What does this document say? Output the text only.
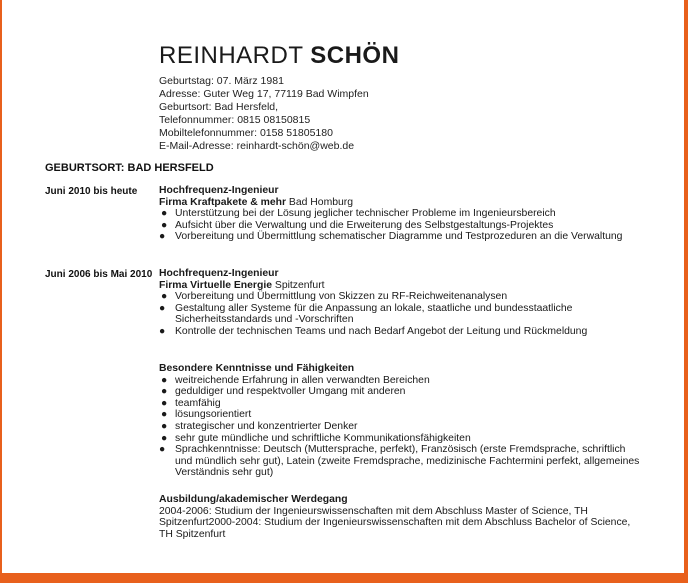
REINHARDT SCHÖN
Geburtstag: 07. März 1981
Adresse: Guter Weg 17, 77119 Bad Wimpfen
Geburtsort: Bad Hersfeld,
Telefonnummer: 0815 08150815
Mobiltelefonnummer: 0158 51805180
E-Mail-Adresse: reinhardt-schön@web.de
GEBURTSORT: BAD HERSFELD
Juni 2010 bis heute	Hochfrequenz-Ingenieur
Firma Kraftpakete & mehr Bad Homburg
● Unterstützung bei der Lösung jeglicher technischer Probleme im Ingenieursbereich
● Aufsicht über die Verwaltung und die Erweiterung des Selbstgestaltungs-Projektes
● Vorbereitung und Übermittlung schematischer Diagramme und Testprozeduren an die Verwaltung
Juni 2006 bis Mai 2010 Hochfrequenz-Ingenieur
Firma Virtuelle Energie Spitzenfurt
● Vorbereitung und Übermittlung von Skizzen zu RF-Reichweitenanalysen
● Gestaltung aller Systeme für die Anpassung an lokale, staatliche und bundesstaatliche Sicherheitsstandards und -Vorschriften
● Kontrolle der technischen Teams und nach Bedarf Angebot der Leitung und Rückmeldung
Besondere Kenntnisse und Fähigkeiten
● weitreichende Erfahrung in allen verwandten Bereichen
● geduldiger und respektvoller Umgang mit anderen
● teamfähig
● lösungsorientiert
● strategischer und konzentrierter Denker
● sehr gute mündliche und schriftliche Kommunikationsfähigkeiten
● Sprachkenntnisse: Deutsch (Muttersprache, perfekt), Französisch (erste Fremdsprache, schriftlich und mündlich sehr gut), Latein (zweite Fremdsprache, medizinische Fachtermini perfekt, allgemeines Verständnis sehr gut)
Ausbildung/akademischer Werdegang
2004-2006: Studium der Ingenieurswissenschaften mit dem Abschluss Master of Science, TH Spitzenfurt2000-2004: Studium der Ingenieurswissenschaften mit dem Abschluss Bachelor of Science, TH Spitzenfurt
